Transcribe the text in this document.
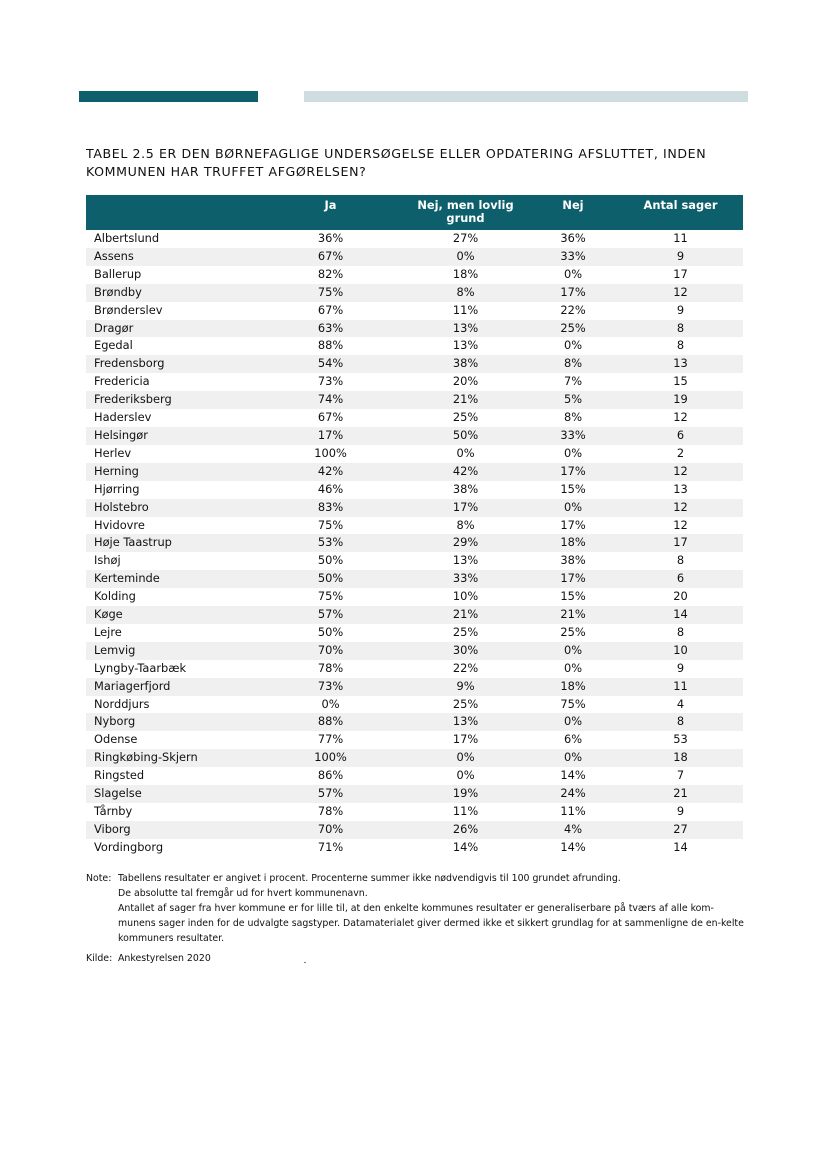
TABEL 2.5 ER DEN BØRNEFAGLIGE UNDERSØGELSE ELLER OPDATERING AFSLUTTET, INDEN
KOMMUNEN HAR TRUFFET AFGØRELSEN?
	Ja	Nej, men lovlig grund	Nej	Antal sager
Albertslund	36%	27%	36%	11
Assens	67%	0%	33%	9
Ballerup	82%	18%	0%	17
Brøndby	75%	8%	17%	12
Brønderslev	67%	11%	22%	9
Dragør	63%	13%	25%	8
Egedal	88%	13%	0%	8
Fredensborg	54%	38%	8%	13
Fredericia	73%	20%	7%	15
Frederiksberg	74%	21%	5%	19
Haderslev	67%	25%	8%	12
Helsingør	17%	50%	33%	6
Herlev	100%	0%	0%	2
Herning	42%	42%	17%	12
Hjørring	46%	38%	15%	13
Holstebro	83%	17%	0%	12
Hvidovre	75%	8%	17%	12
Høje Taastrup	53%	29%	18%	17
Ishøj	50%	13%	38%	8
Kerteminde	50%	33%	17%	6
Kolding	75%	10%	15%	20
Køge	57%	21%	21%	14
Lejre	50%	25%	25%	8
Lemvig	70%	30%	0%	10
Lyngby-Taarbæk	78%	22%	0%	9
Mariagerfjord	73%	9%	18%	11
Norddjurs	0%	25%	75%	4
Nyborg	88%	13%	0%	8
Odense	77%	17%	6%	53
Ringkøbing-Skjern	100%	0%	0%	18
Ringsted	86%	0%	14%	7
Slagelse	57%	19%	24%	21
Tårnby	78%	11%	11%	9
Viborg	70%	26%	4%	27
Vordingborg	71%	14%	14%	14
Note: Tabellens resultater er angivet i procent. Procenterne summer ikke nødvendigvis til 100 grundet afrunding.

De absolutte tal fremgår ud for hvert kommunenavn.

Antallet af sager fra hver kommune er for lille til, at den enkelte kommunes resultater er generaliserbare på tværs af alle kom-munens sager inden for de udvalgte sagstyper. Datamaterialet giver dermed ikke et sikkert grundlag for at sammenligne de en-kelte kommuners resultater.

Kilde: Ankestyrelsen 2020
